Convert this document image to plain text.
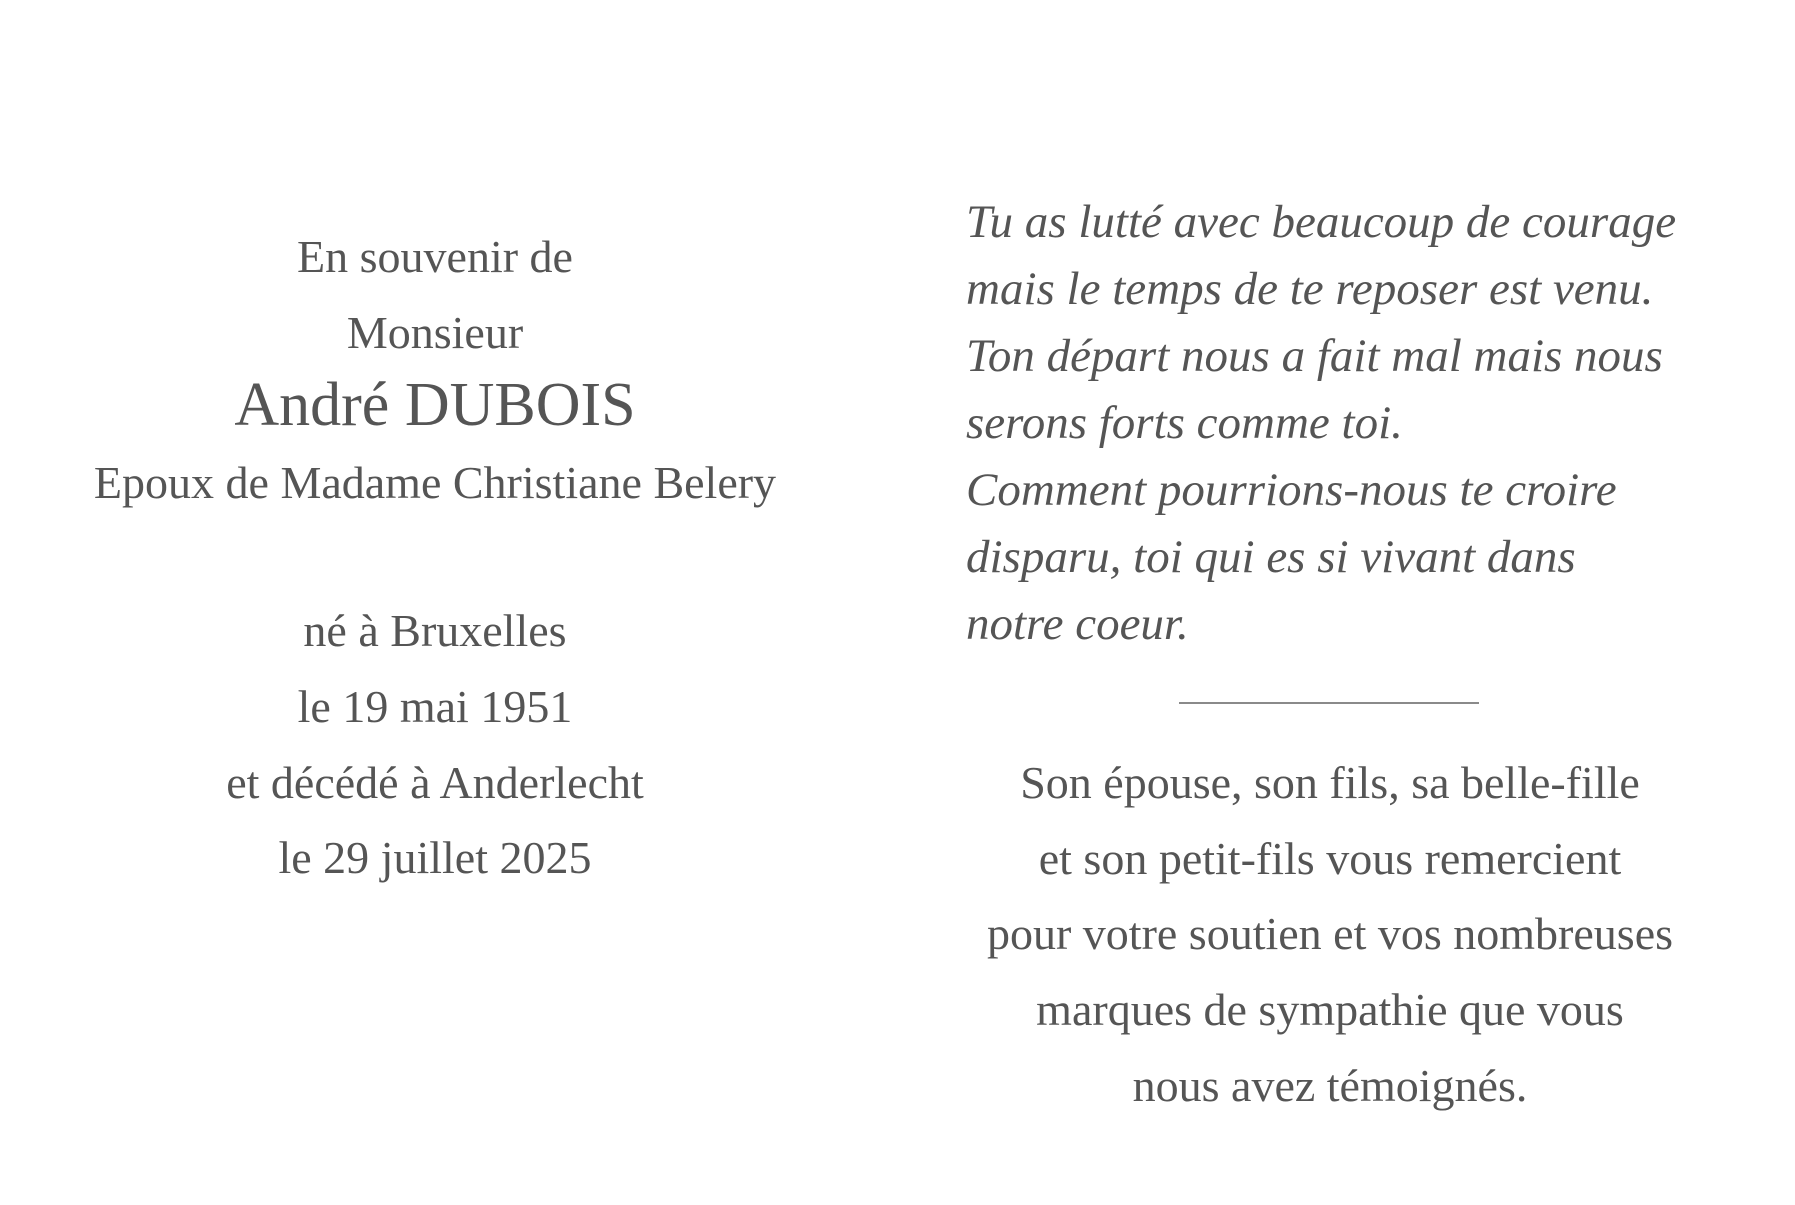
En souvenir de
Monsieur
André DUBOIS
Epoux de Madame Christiane Belery
né à Bruxelles
le 19 mai 1951
et décédé à Anderlecht
le 29 juillet 2025
Tu as lutté avec beaucoup de courage
mais le temps de te reposer est venu.
Ton départ nous a fait mal mais nous
serons forts comme toi.
Comment pourrions-nous te croire
disparu, toi qui es si vivant dans
notre coeur.
Son épouse, son fils, sa belle-fille
et son petit-fils vous remercient
pour votre soutien et vos nombreuses
marques de sympathie que vous
nous avez témoignés.
